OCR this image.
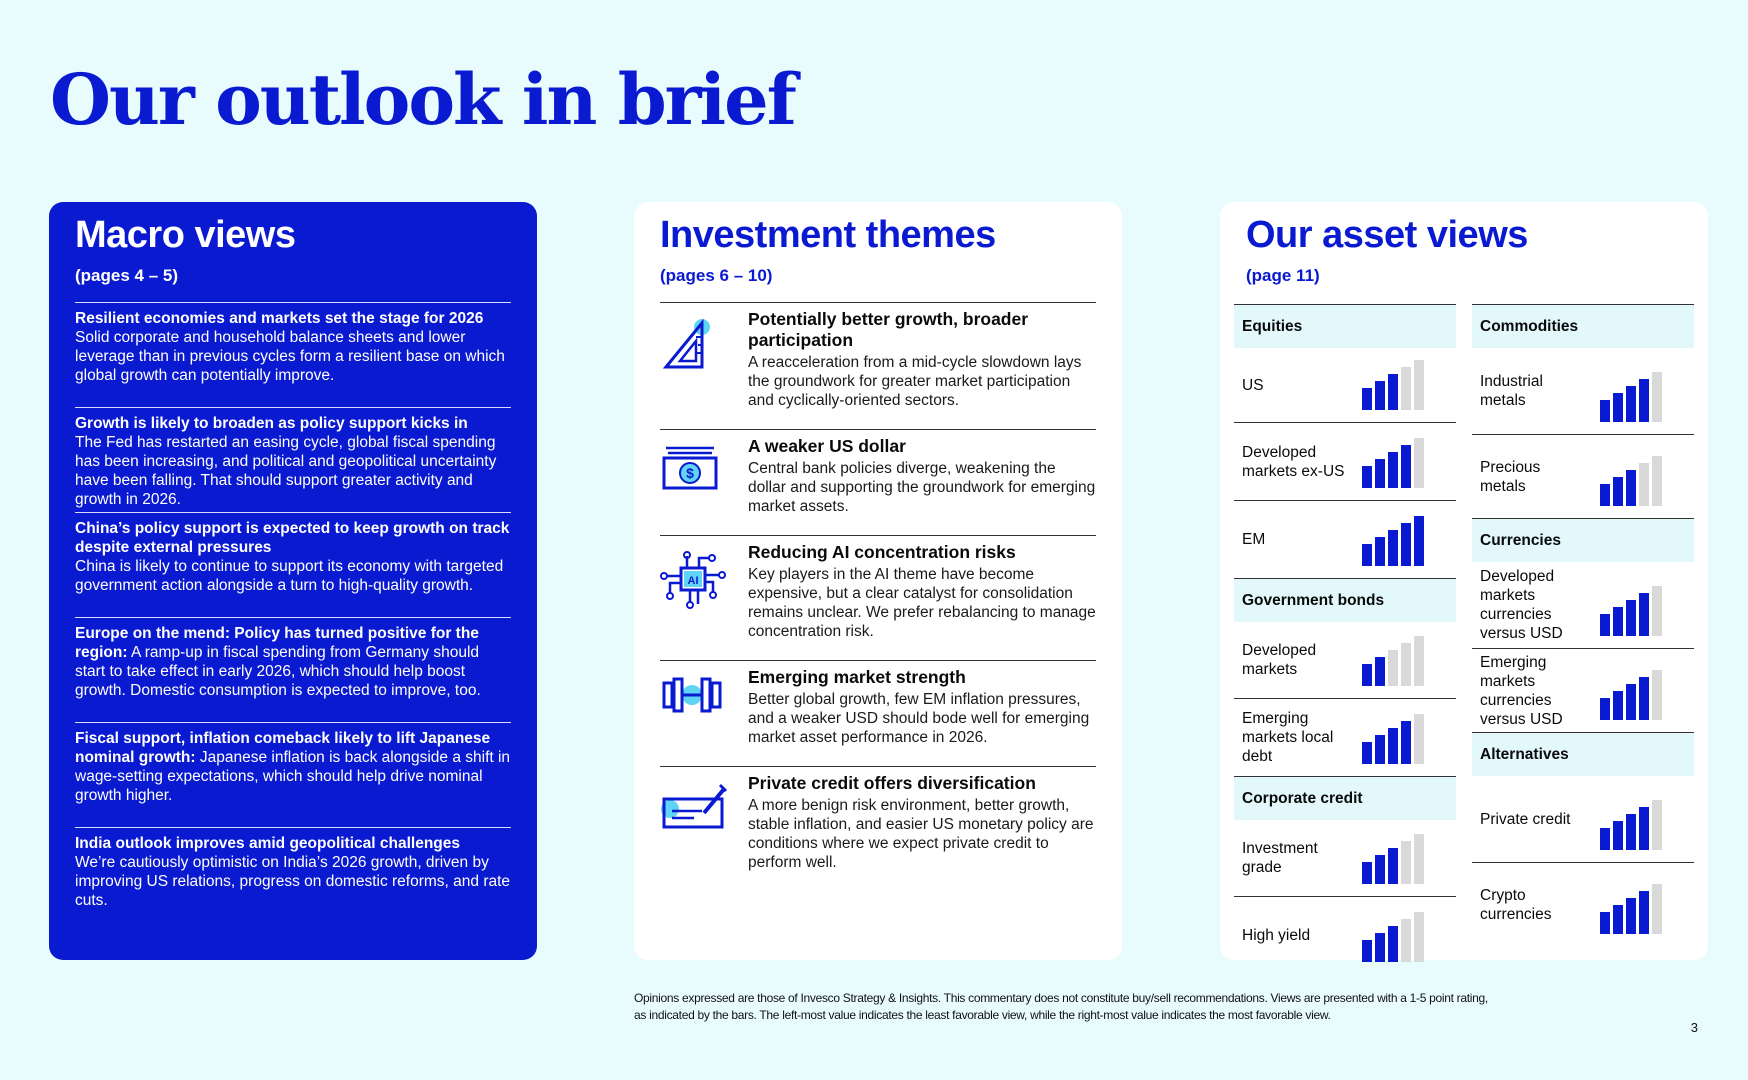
Our outlook in brief
Macro views
(pages 4 – 5)
Resilient economies and markets set the stage for 2026
Solid corporate and household balance sheets and lower leverage than in previous cycles form a resilient base on which global growth can potentially improve.
Growth is likely to broaden as policy support kicks in
The Fed has restarted an easing cycle, global fiscal spending has been increasing, and political and geopolitical uncertainty have been falling. That should support greater activity and growth in 2026.
China’s policy support is expected to keep growth on track despite external pressures
China is likely to continue to support its economy with targeted government action alongside a turn to high-quality growth.
Europe on the mend: Policy has turned positive for the region: A ramp-up in fiscal spending from Germany should start to take effect in early 2026, which should help boost growth. Domestic consumption is expected to improve, too.
Fiscal support, inflation comeback likely to lift Japanese nominal growth: Japanese inflation is back alongside a shift in wage-setting expectations, which should help drive nominal growth higher.
India outlook improves amid geopolitical challenges
We’re cautiously optimistic on India’s 2026 growth, driven by improving US relations, progress on domestic reforms, and rate cuts.
Investment themes
(pages 6 – 10)
Potentially better growth, broader participation
A reacceleration from a mid-cycle slowdown lays the groundwork for greater market participation and cyclically-oriented sectors.
$
A weaker US dollar
Central bank policies diverge, weakening the dollar and supporting the groundwork for emerging market assets.
AI
Reducing AI concentration risks
Key players in the AI theme have become expensive, but a clear catalyst for consolidation remains unclear. We prefer rebalancing to manage concentration risk.
Emerging market strength
Better global growth, few EM inflation pressures, and a weaker USD should bode well for emerging market asset performance in 2026.
Private credit offers diversification
A more benign risk environment, better growth, stable inflation, and easier US monetary policy are conditions where we expect private credit to perform well.
Our asset views
(page 11)
Equities
US
Developed markets ex-US
EM
Government bonds
Developed markets
Emerging markets local debt
Corporate credit
Investment grade
High yield
Commodities
Industrial metals
Precious metals
Currencies
Developed markets currencies versus USD
Emerging markets currencies versus USD
Alternatives
Private credit
Crypto currencies
Opinions expressed are those of Invesco Strategy & Insights. This commentary does not constitute buy/sell recommendations. Views are presented with a 1-5 point rating,
as indicated by the bars. The left-most value indicates the least favorable view, while the right-most value indicates the most favorable view.
3
